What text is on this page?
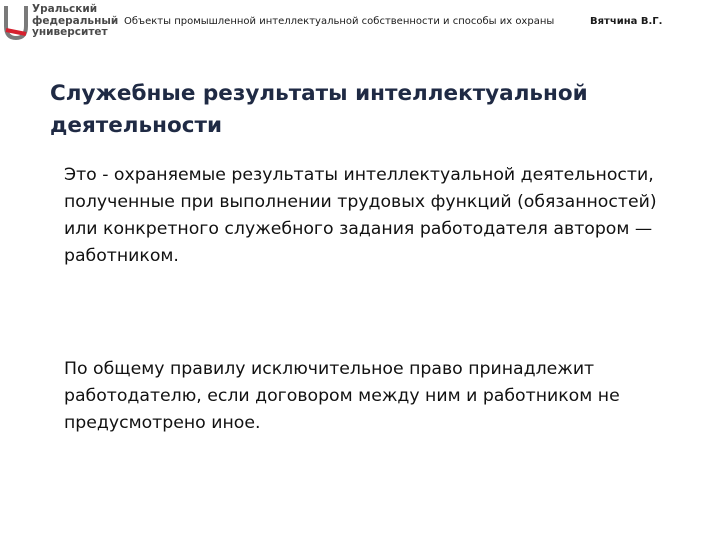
Уральский
федеральный
университет
Объекты промышленной интеллектуальной собственности и способы их охраны	Вятчина В.Г.
Служебные результаты интеллектуальной деятельности

Это - охраняемые результаты интеллектуальной деятельности, полученные при выполнении трудовых функций (обязанностей) или конкретного служебного задания работодателя автором — работником.

По общему правилу исключительное право принадлежит работодателю, если договором между ним и работником не предусмотрено иное.
